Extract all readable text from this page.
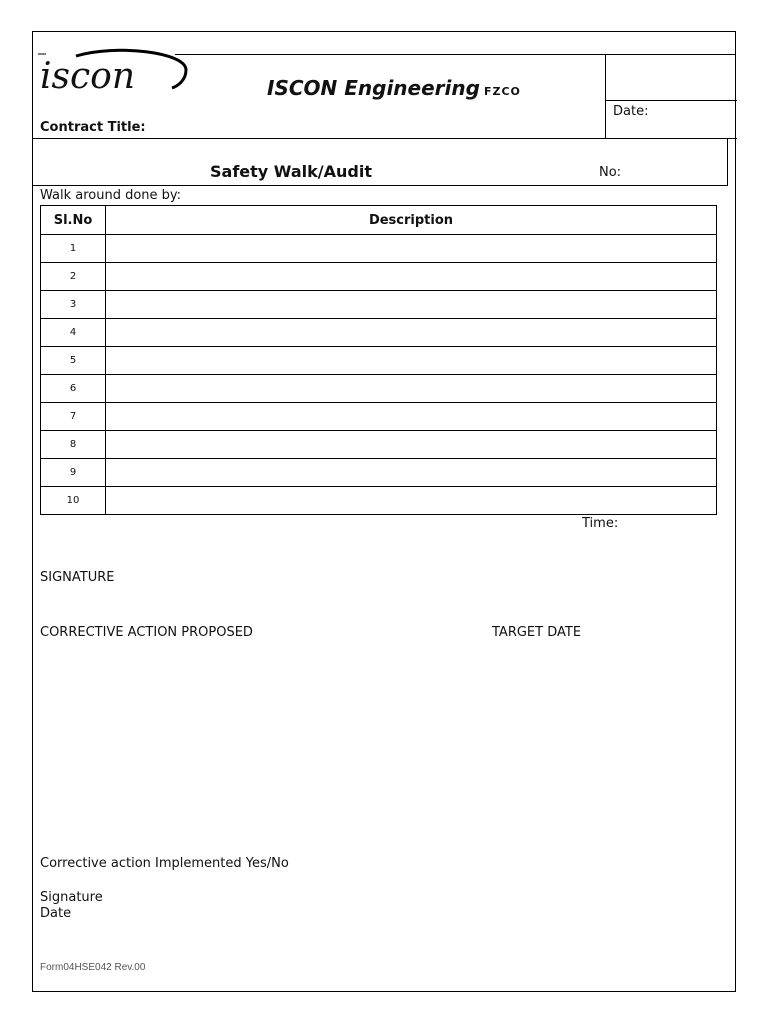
iscon	ISCON Engineering FZCO
Date:
Contract Title:
Safety Walk/Audit	No:
Walk around done by:
Sl.No	Description
1	
2	
3	
4	
5	
6	
7	
8	
9	
10	
Time:
SIGNATURE
CORRECTIVE ACTION PROPOSED	TARGET DATE
Corrective action Implemented Yes/No
Signature
Date
Form04HSE042 Rev.00
